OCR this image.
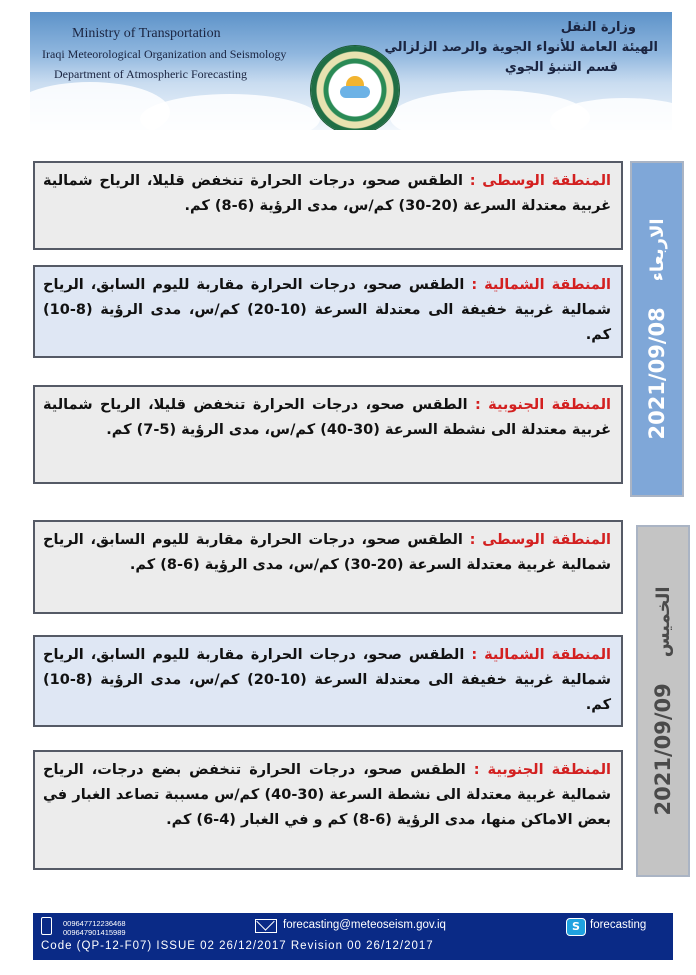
Ministry of Transportation
Iraqi Meteorological Organization and Seismology
Department of Atmospheric Forecasting
وزارة النقل
الهيئة العامة للأنواء الجوية والرصد الزلزالي
قسم التنبؤ الجوي
2021/09/08
الاربعاء
المنطقة الوسطى : الطقس صحو، درجات الحرارة تنخفض قليلا، الرياح شمالية غربية معتدلة السرعة (20-30) كم/س، مدى الرؤية (6-8) كم.
المنطقة الشمالية : الطقس صحو، درجات الحرارة مقاربة لليوم السابق، الرياح شمالية غربية خفيفة الى معتدلة السرعة (10-20) كم/س، مدى الرؤية (8-10) كم.
المنطقة الجنوبية : الطقس صحو، درجات الحرارة تنخفض قليلا، الرياح شمالية غربية معتدلة الى نشطة السرعة (30-40) كم/س، مدى الرؤية (5-7) كم.
2021/09/09
الخميس
المنطقة الوسطى : الطقس صحو، درجات الحرارة مقاربة لليوم السابق، الرياح شمالية غربية معتدلة السرعة (20-30) كم/س، مدى الرؤية (6-8) كم.
المنطقة الشمالية : الطقس صحو، درجات الحرارة مقاربة لليوم السابق، الرياح شمالية غربية خفيفة الى معتدلة السرعة (10-20) كم/س، مدى الرؤية (8-10) كم.
المنطقة الجنوبية : الطقس صحو، درجات الحرارة تنخفض بضع درجات، الرياح شمالية غربية معتدلة الى نشطة السرعة (30-40) كم/س مسببة تصاعد الغبار في بعض الاماكن منها، مدى الرؤية (6-8) كم و في الغبار (4-6) كم.
009647712236468
009647901415989
forecasting@meteoseism.gov.iq	S forecasting
Code (QP-12-F07) ISSUE 02 26/12/2017 Revision 00 26/12/2017
